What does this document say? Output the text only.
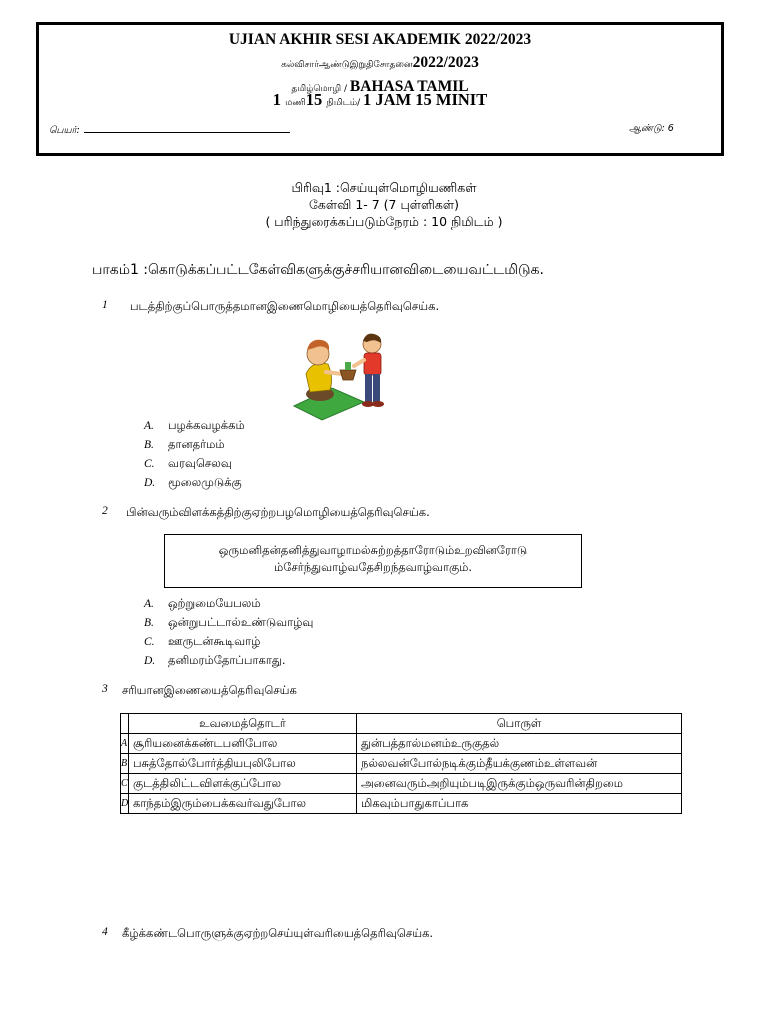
UJIAN AKHIR SESI AKADEMIK 2022/2023
கல்விசார்ஆண்டுஇறுதிசோதனை2022/2023
தமிழ்மொழி / BAHASA TAMIL
1 மணி15 நிமிடம்/ 1 JAM 15 MINIT
பெயர்:	ஆண்டு: 6
பிரிவு1 :செய்யுள்மொழியணிகள்
கேள்வி 1- 7 (7 புள்ளிகள்)
( பரிந்துரைக்கப்படும்நேரம் : 10 நிமிடம் )
பாகம்1 :கொடுக்கப்பட்டகேள்விகளுக்குச்சரியானவிடையைவட்டமிடுக.
1 படத்திற்குப்பொருத்தமானஇணைமொழியைத்தெரிவுசெய்க.
A.	பழக்கவழக்கம்
B.	தானதர்மம்
C.	வரவுசெலவு
D.	மூலைமுடுக்கு
2 பின்வரும்விளக்கத்திற்குஏற்றபழமொழியைத்தெரிவுசெய்க.
ஒருமனிதன்தனித்துவாழாமல்சுற்றத்தாரோடும்உறவினரோடு
ம்சேர்ந்துவாழ்வதேசிறந்தவாழ்வாகும்.
A.	ஒற்றுமையேபலம்
B.	ஒன்றுபட்டால்உண்டுவாழ்வு
C.	ஊருடன்கூடிவாழ்
D.	தனிமரம்தோப்பாகாது.
3 சரியானஇணையைத்தெரிவுசெய்க
	உவமைத்தொடர்	பொருள்
A	சூரியனைக்கண்டபனிபோல	துன்பத்தால்மனம்உருகுதல்
B	பசுத்தோல்போர்த்தியபுலிபோல	நல்லவன்போல்நடிக்கும்தீயக்குணம்உள்ளவன்
C	குடத்திலிட்டவிளக்குப்போல	அனைவரும்அறியும்படிஇருக்கும்ஒருவரின்திறமை
D	காந்தம்இரும்பைக்கவர்வதுபோல	மிகவும்பாதுகாப்பாக
4 கீழ்க்கண்டபொருளுக்குஏற்றசெய்யுள்வரியைத்தெரிவுசெய்க.
